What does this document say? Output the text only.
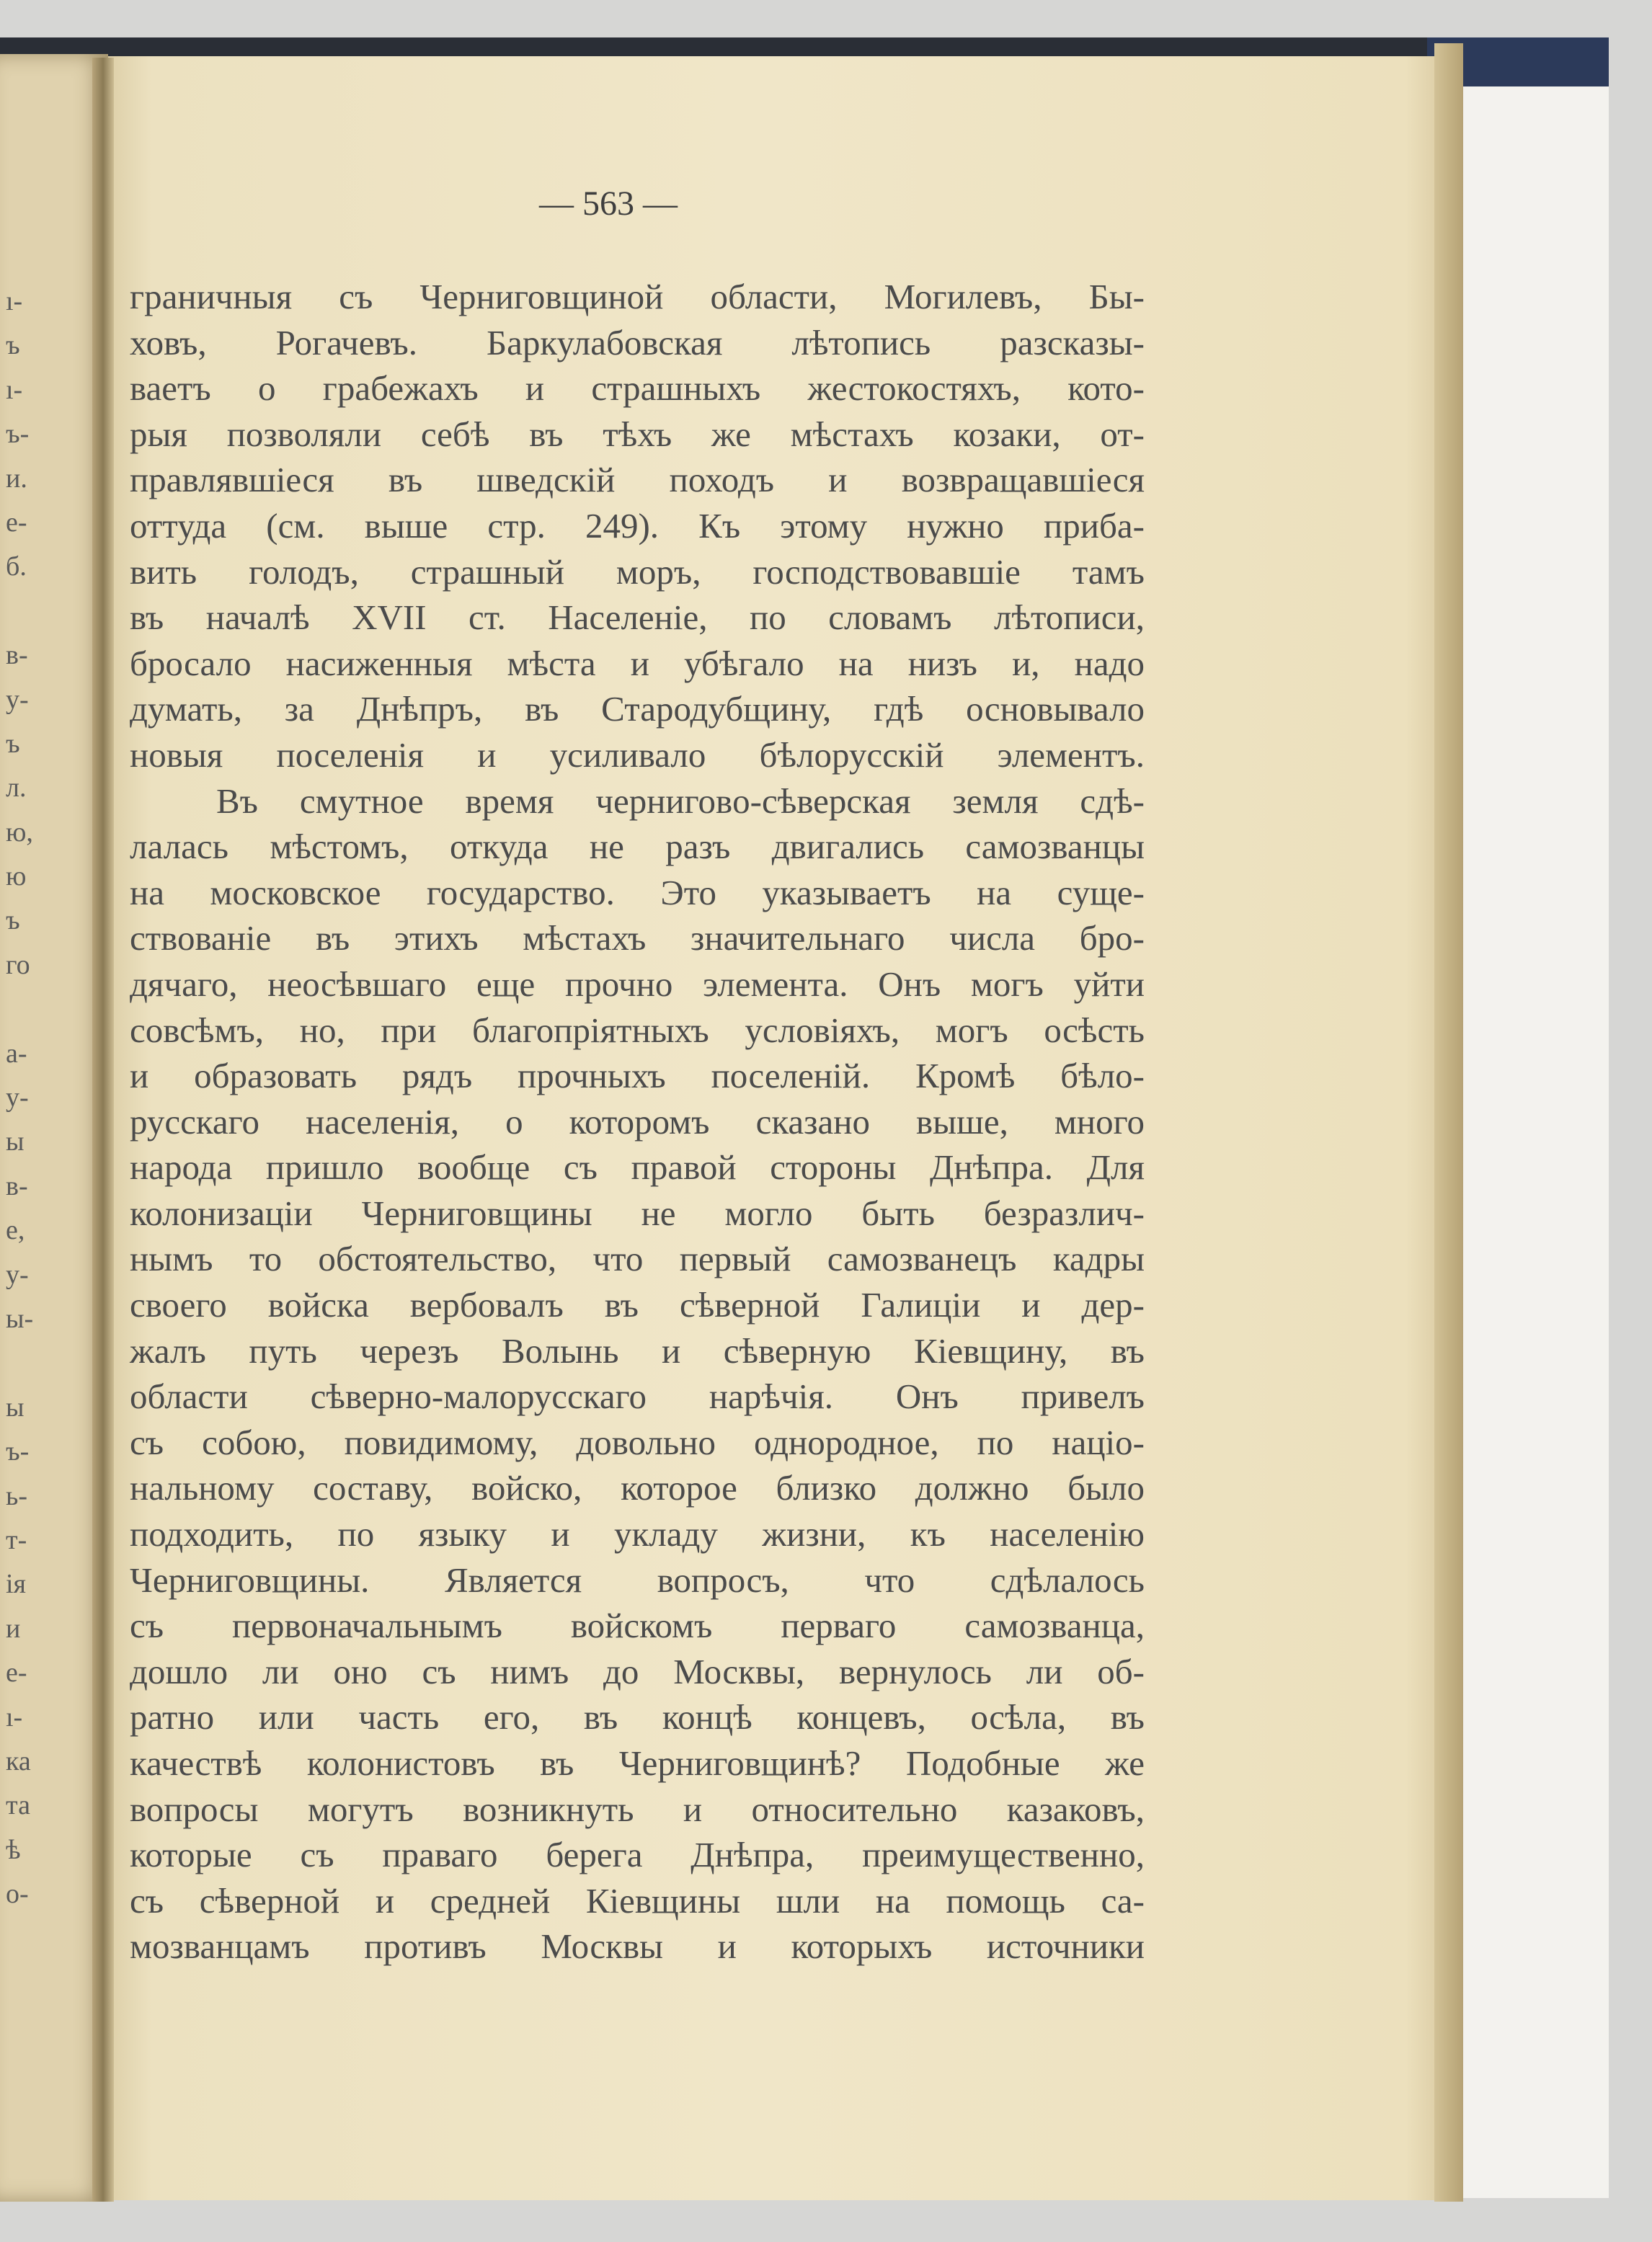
ı-
ъ
ı-
ъ-
и.
е-
б.
в-
у-
ъ
л.
ю,
ю
ъ
го
а-
у-
ы
в-
е,
у-
ы-
ы
ъ-
ь-
т-
ія
и
е-
ı-
ка
та
ѣ
о-
— 563 —
граничныя съ Черниговщиной области, Могилевъ, Бы-
ховъ, Рогачевъ. Баркулабовская лѣтопись разсказы-
ваетъ о грабежахъ и страшныхъ жестокостяхъ, кото-
рыя позволяли себѣ въ тѣхъ же мѣстахъ козаки, от-
правлявшіеся въ шведскій походъ и возвращавшіеся
оттуда (см. выше стр. 249). Къ этому нужно приба-
вить голодъ, страшный моръ, господствовавшіе тамъ
въ началѣ XVII ст. Населеніе, по словамъ лѣтописи,
бросало насиженныя мѣста и убѣгало на низъ и, надо
думать, за Днѣпръ, въ Стародубщину, гдѣ основывало
новыя поселенія и усиливало бѣлорусскій элементъ.
Въ смутное время черниговo-сѣверская земля сдѣ-
лалась мѣстомъ, откуда не разъ двигались самозванцы
на московское государство. Это указываетъ на суще-
ствованіе въ этихъ мѣстахъ значительнаго числа бро-
дячаго, неосѣвшаго еще прочно элемента. Онъ могъ уйти
совсѣмъ, но, при благопріятныхъ условіяхъ, могъ осѣсть
и образовать рядъ прочныхъ поселеній. Кромѣ бѣло-
русскаго населенія, о которомъ сказано выше, много
народа пришло вообще съ правой стороны Днѣпра. Для
колонизаціи Черниговщины не могло быть безразлич-
нымъ то обстоятельство, что первый самозванецъ кадры
своего войска вербовалъ въ сѣверной Галиціи и дер-
жалъ путь черезъ Волынь и сѣверную Кіевщину, въ
области сѣверно-малорусскаго нарѣчія. Онъ привелъ
съ собою, повидимому, довольно однородное, по націо-
нальному составу, войско, которое близко должно было
подходить, по языку и укладу жизни, къ населенію
Черниговщины. Является вопросъ, что сдѣлалось
съ первоначальнымъ войскомъ перваго самозванца,
дошло ли оно съ нимъ до Москвы, вернулось ли об-
ратно или часть его, въ концѣ концевъ, осѣла, въ
качествѣ колонистовъ въ Черниговщинѣ? Подобные же
вопросы могутъ возникнуть и относительно казаковъ,
которые съ праваго берега Днѣпра, преимущественно,
съ сѣверной и средней Кіевщины шли на помощь са-
мозванцамъ противъ Москвы и которыхъ источники
